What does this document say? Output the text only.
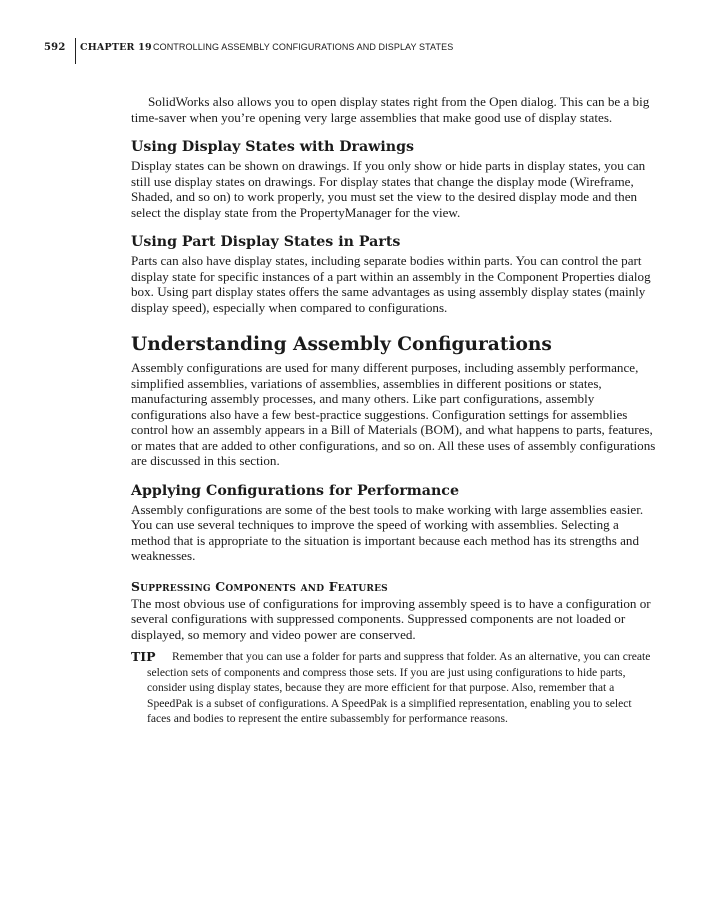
592 CHAPTER 19 CONTROLLING ASSEMBLY CONFIGURATIONS AND DISPLAY STATES

SolidWorks also allows you to open display states right from the Open dialog. This can be a big time-saver when you’re opening very large assemblies that make good use of display states.

Using Display States with Drawings

Display states can be shown on drawings. If you only show or hide parts in display states, you can still use display states on drawings. For display states that change the display mode (Wireframe, Shaded, and so on) to work properly, you must set the view to the desired display mode and then select the display state from the PropertyManager for the view.

Using Part Display States in Parts

Parts can also have display states, including separate bodies within parts. You can control the part display state for specific instances of a part within an assembly in the Component Properties dialog box. Using part display states offers the same advantages as using assembly display states (mainly display speed), especially when compared to configurations.

Understanding Assembly Configurations

Assembly configurations are used for many different purposes, including assembly performance, simplified assemblies, variations of assemblies, assemblies in different positions or states, manufacturing assembly processes, and many others. Like part configurations, assembly configurations also have a few best-practice suggestions. Configuration settings for assemblies control how an assembly appears in a Bill of Materials (BOM), and what happens to parts, features, or mates that are added to other configurations, and so on. All these uses of assembly configurations are discussed in this section.

Applying Configurations for Performance

Assembly configurations are some of the best tools to make working with large assemblies easier. You can use several techniques to improve the speed of working with assemblies. Selecting a method that is appropriate to the situation is important because each method has its strengths and weaknesses.

Suppressing Components and Features

The most obvious use of configurations for improving assembly speed is to have a configuration or several configurations with suppressed components. Suppressed components are not loaded or displayed, so memory and video power are conserved.

TIP	Remember that you can use a folder for parts and suppress that folder. As an alternative, you can create selection sets of components and compress those sets. If you are just using configurations to hide parts, consider using display states, because they are more efficient for that purpose. Also, remember that a SpeedPak is a subset of configurations. A SpeedPak is a simplified representation, enabling you to select faces and bodies to represent the entire subassembly for performance reasons.
